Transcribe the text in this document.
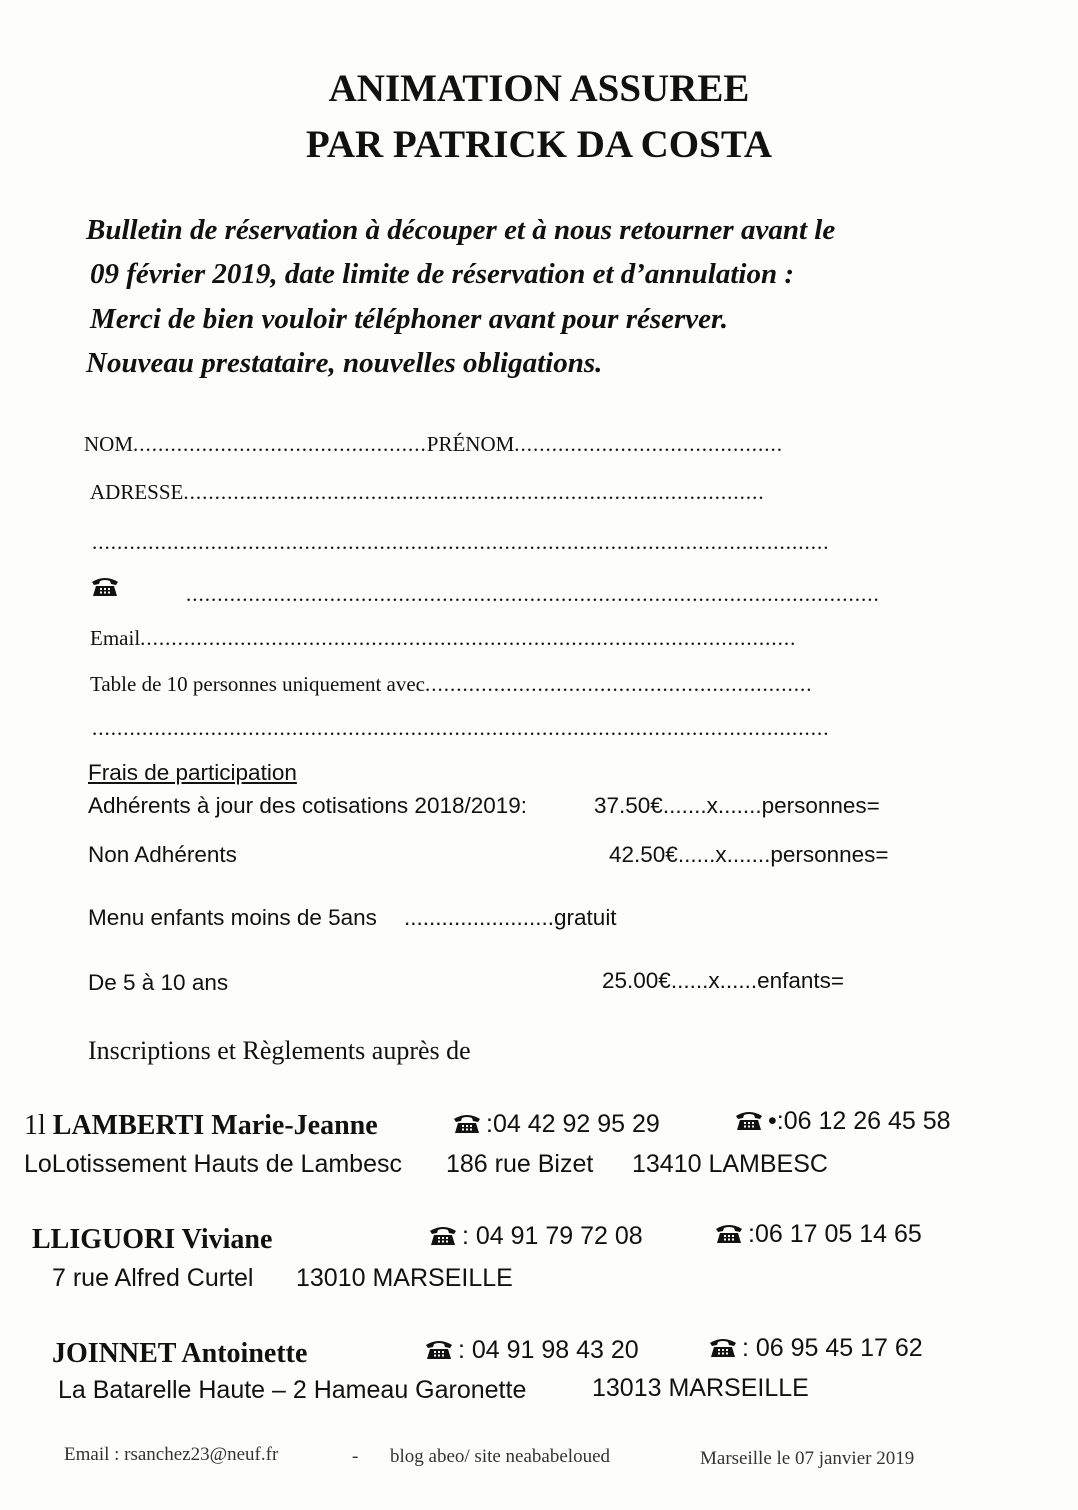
ANIMATION ASSUREE
PAR PATRICK DA COSTA
Bulletin de réservation à découper et à nous retourner avant le
09 février 2019, date limite de réservation et d’annulation :
Merci de bien vouloir téléphoner avant pour réserver.
Nouveau prestataire, nouvelles obligations.
NOM...............................................PRÉNOM...........................................
ADRESSE.............................................................................................
......................................................................................................................
...............................................................................................................
Email.........................................................................................................
Table de 10 personnes uniquement avec..............................................................
......................................................................................................................
Frais de participation
Adhérents à jour des cotisations 2018/2019:	37.50€.......x.......personnes=
Non Adhérents	42.50€......x.......personnes=
Menu enfants moins de 5ans ........................gratuit
De 5 à 10 ans	25.00€......x......enfants=
Inscriptions et Règlements auprès de
1l LAMBERTI Marie-Jeanne	:04 42 92 95 29	•:06 12 26 45 58
LoLotissement Hauts de Lambesc 186 rue Bizet 13410 LAMBESC
LLIGUORI Viviane	: 04 91 79 72 08	:06 17 05 14 65
7 rue Alfred Curtel 13010 MARSEILLE
JOINNET Antoinette	: 04 91 98 43 20	: 06 95 45 17 62
La Batarelle Haute – 2 Hameau Garonette	13013 MARSEILLE
Email : rsanchez23@neuf.fr	- blog abeo/ site neababeloued	Marseille le 07 janvier 2019
